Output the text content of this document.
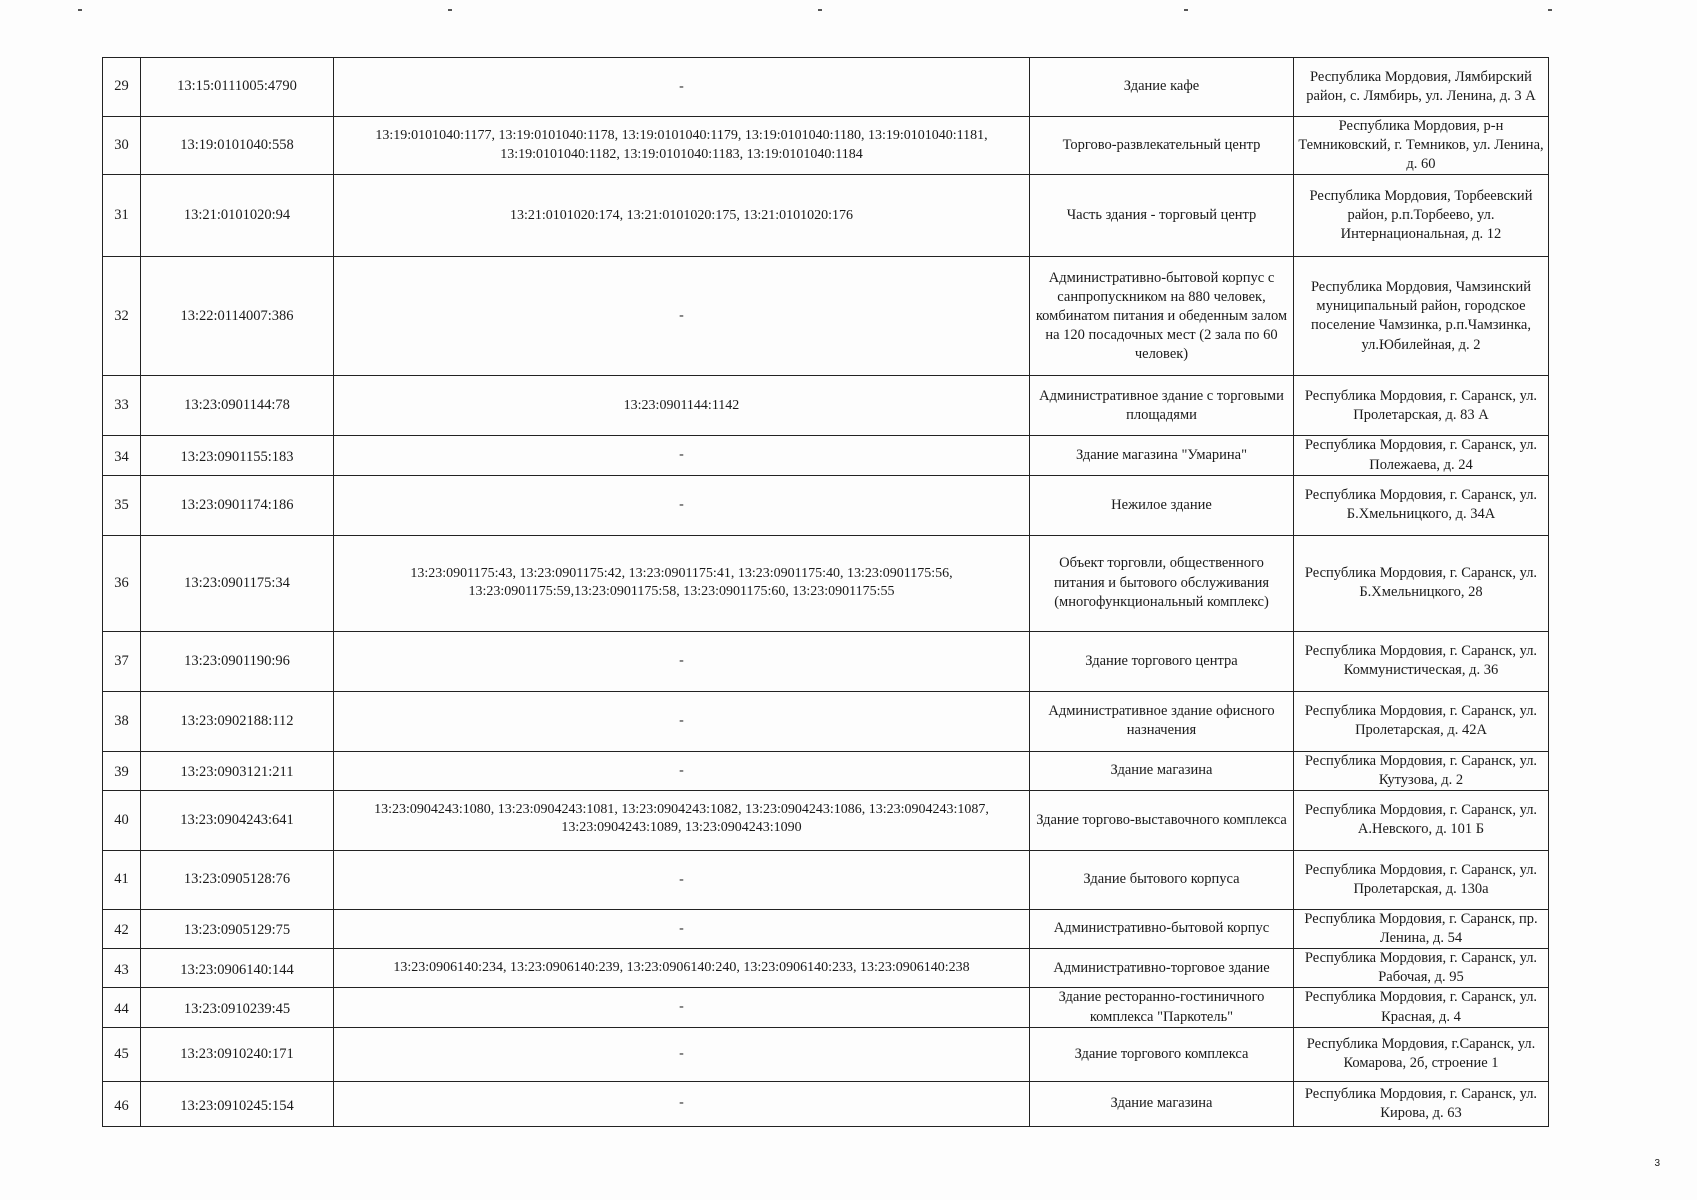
29	13:15:0111005:4790	-	Здание кафе	Республика Мордовия, Лямбирский район, с. Лямбирь, ул. Ленина, д. 3 А
30	13:19:0101040:558	13:19:0101040:1177, 13:19:0101040:1178, 13:19:0101040:1179, 13:19:0101040:1180, 13:19:0101040:1181, 13:19:0101040:1182, 13:19:0101040:1183, 13:19:0101040:1184	Торгово-развлекательный центр	Республика Мордовия, р-н Темниковский, г. Темников, ул. Ленина, д. 60
31	13:21:0101020:94	13:21:0101020:174, 13:21:0101020:175, 13:21:0101020:176	Часть здания - торговый центр	Республика Мордовия, Торбеевский район, р.п.Торбеево, ул. Интернациональная, д. 12
32	13:22:0114007:386	-	Административно-бытовой корпус с санпропускником на 880 человек, комбинатом питания и обеденным залом на 120 посадочных мест (2 зала по 60 человек)	Республика Мордовия, Чамзинский муниципальный район, городское поселение Чамзинка, р.п.Чамзинка, ул.Юбилейная, д. 2
33	13:23:0901144:78	13:23:0901144:1142	Административное здание с торговыми площадями	Республика Мордовия, г. Саранск, ул. Пролетарская, д. 83 А
34	13:23:0901155:183	-	Здание магазина "Умарина"	Республика Мордовия, г. Саранск, ул. Полежаева, д. 24
35	13:23:0901174:186	-	Нежилое здание	Республика Мордовия, г. Саранск, ул. Б.Хмельницкого, д. 34А
36	13:23:0901175:34	13:23:0901175:43, 13:23:0901175:42, 13:23:0901175:41, 13:23:0901175:40, 13:23:0901175:56, 13:23:0901175:59,13:23:0901175:58, 13:23:0901175:60, 13:23:0901175:55	Объект торговли, общественного питания и бытового обслуживания (многофункциональный комплекс)	Республика Мордовия, г. Саранск, ул. Б.Хмельницкого, 28
37	13:23:0901190:96	-	Здание торгового центра	Республика Мордовия, г. Саранск, ул. Коммунистическая, д. 36
38	13:23:0902188:112	-	Административное здание офисного назначения	Республика Мордовия, г. Саранск, ул. Пролетарская, д. 42А
39	13:23:0903121:211	-	Здание магазина	Республика Мордовия, г. Саранск, ул. Кутузова, д. 2
40	13:23:0904243:641	13:23:0904243:1080, 13:23:0904243:1081, 13:23:0904243:1082, 13:23:0904243:1086, 13:23:0904243:1087, 13:23:0904243:1089, 13:23:0904243:1090	Здание торгово-выставочного комплекса	Республика Мордовия, г. Саранск, ул. А.Невского, д. 101 Б
41	13:23:0905128:76	-	Здание бытового корпуса	Республика Мордовия, г. Саранск, ул. Пролетарская, д. 130а
42	13:23:0905129:75	-	Административно-бытовой корпус	Республика Мордовия, г. Саранск, пр. Ленина, д. 54
43	13:23:0906140:144	13:23:0906140:234, 13:23:0906140:239, 13:23:0906140:240, 13:23:0906140:233, 13:23:0906140:238	Административно-торговое здание	Республика Мордовия, г. Саранск, ул. Рабочая, д. 95
44	13:23:0910239:45	-	Здание ресторанно-гостиничного комплекса "Паркотель"	Республика Мордовия, г. Саранск, ул. Красная, д. 4
45	13:23:0910240:171	-	Здание торгового комплекса	Республика Мордовия, г.Саранск, ул. Комарова, 2б, строение 1
46	13:23:0910245:154	-	Здание магазина	Республика Мордовия, г. Саранск, ул. Кирова, д. 63
3
